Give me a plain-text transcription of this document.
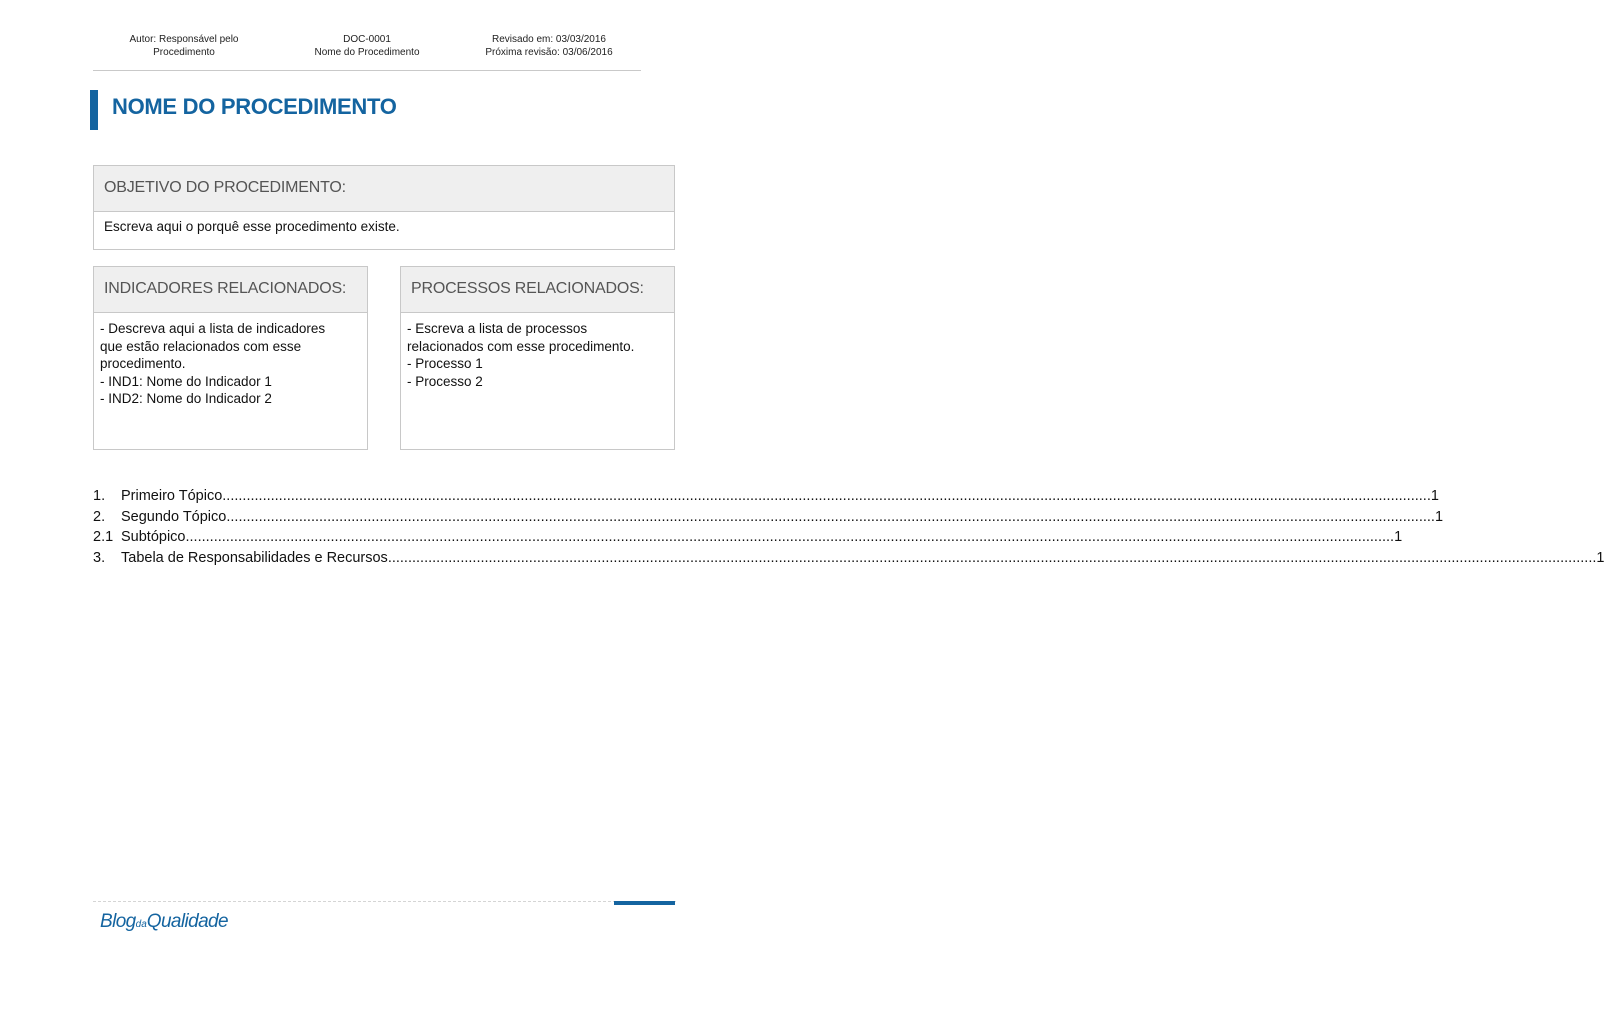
Autor: Responsável pelo
Procedimento
DOC-0001
Nome do Procedimento
Revisado em: 03/03/2016
Próxima revisão: 03/06/2016
NOME DO PROCEDIMENTO
OBJETIVO DO PROCEDIMENTO:
Escreva aqui o porquê esse procedimento existe.
INDICADORES RELACIONADOS:
- Descreva aqui a lista de indicadores
que estão relacionados com esse
procedimento.
- IND1: Nome do Indicador 1
- IND2: Nome do Indicador 2
PROCESSOS RELACIONADOS:
- Escreva a lista de processos
relacionados com esse procedimento.
- Processo 1
- Processo 2
1.	Primeiro Tópico ............................................................................................................................................................................................................................................................................................................ 1
2.	Segundo Tópico ............................................................................................................................................................................................................................................................................................................ 1
2.1 Subtópico ............................................................................................................................................................................................................................................................................................................ 1
3.	Tabela de Responsabilidades e Recursos ............................................................................................................................................................................................................................................................................................................ 1
BlogdaQualidade
